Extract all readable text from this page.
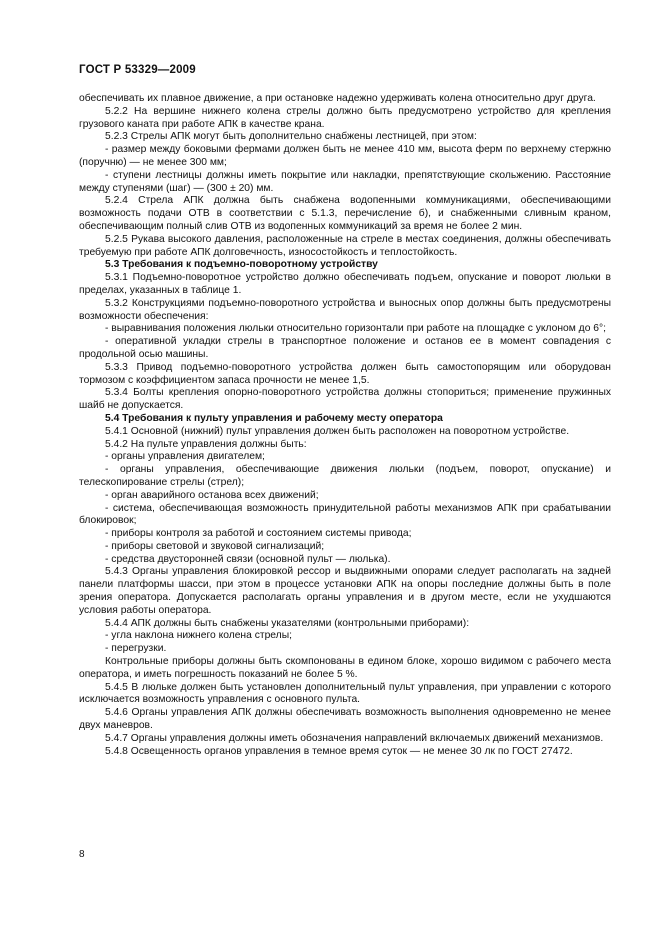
ГОСТ Р 53329—2009

обеспечивать их плавное движение, а при остановке надежно удерживать колена относительно друг друга.

5.2.2 На вершине нижнего колена стрелы должно быть предусмотрено устройство для крепления грузового каната при работе АПК в качестве крана.

5.2.3 Стрелы АПК могут быть дополнительно снабжены лестницей, при этом:

- размер между боковыми фермами должен быть не менее 410 мм, высота ферм по верхнему стержню (поручню) — не менее 300 мм;

- ступени лестницы должны иметь покрытие или накладки, препятствующие скольжению. Расстояние между ступенями (шаг) — (300 ± 20) мм.

5.2.4 Стрела АПК должна быть снабжена водопенными коммуникациями, обеспечивающими возможность подачи ОТВ в соответствии с 5.1.3, перечисление б), и снабженными сливным краном, обеспечивающим полный слив ОТВ из водопенных коммуникаций за время не более 2 мин.

5.2.5 Рукава высокого давления, расположенные на стреле в местах соединения, должны обеспечивать требуемую при работе АПК долговечность, износостойкость и теплостойкость.

5.3 Требования к подъемно-поворотному устройству

5.3.1 Подъемно-поворотное устройство должно обеспечивать подъем, опускание и поворот люльки в пределах, указанных в таблице 1.

5.3.2 Конструкциями подъемно-поворотного устройства и выносных опор должны быть предусмотрены возможности обеспечения:

- выравнивания положения люльки относительно горизонтали при работе на площадке с уклоном до 6°;

- оперативной укладки стрелы в транспортное положение и останов ее в момент совпадения с продольной осью машины.

5.3.3 Привод подъемно-поворотного устройства должен быть самостопорящим или оборудован тормозом с коэффициентом запаса прочности не менее 1,5.

5.3.4 Болты крепления опорно-поворотного устройства должны стопориться; применение пружинных шайб не допускается.

5.4 Требования к пульту управления и рабочему месту оператора

5.4.1 Основной (нижний) пульт управления должен быть расположен на поворотном устройстве.

5.4.2 На пульте управления должны быть:

- органы управления двигателем;

- органы управления, обеспечивающие движения люльки (подъем, поворот, опускание) и телескопирование стрелы (стрел);

- орган аварийного останова всех движений;

- система, обеспечивающая возможность принудительной работы механизмов АПК при срабатывании блокировок;

- приборы контроля за работой и состоянием системы привода;

- приборы световой и звуковой сигнализаций;

- средства двусторонней связи (основной пульт — люлька).

5.4.3 Органы управления блокировкой рессор и выдвижными опорами следует располагать на задней панели платформы шасси, при этом в процессе установки АПК на опоры последние должны быть в поле зрения оператора. Допускается располагать органы управления и в другом месте, если не ухудшаются условия работы оператора.

5.4.4 АПК должны быть снабжены указателями (контрольными приборами):

- угла наклона нижнего колена стрелы;

- перегрузки.

Контрольные приборы должны быть скомпонованы в едином блоке, хорошо видимом с рабочего места оператора, и иметь погрешность показаний не более 5 %.

5.4.5 В люльке должен быть установлен дополнительный пульт управления, при управлении с которого исключается возможность управления с основного пульта.

5.4.6 Органы управления АПК должны обеспечивать возможность выполнения одновременно не менее двух маневров.

5.4.7 Органы управления должны иметь обозначения направлений включаемых движений механизмов.

5.4.8 Освещенность органов управления в темное время суток — не менее 30 лк по ГОСТ 27472.

8
